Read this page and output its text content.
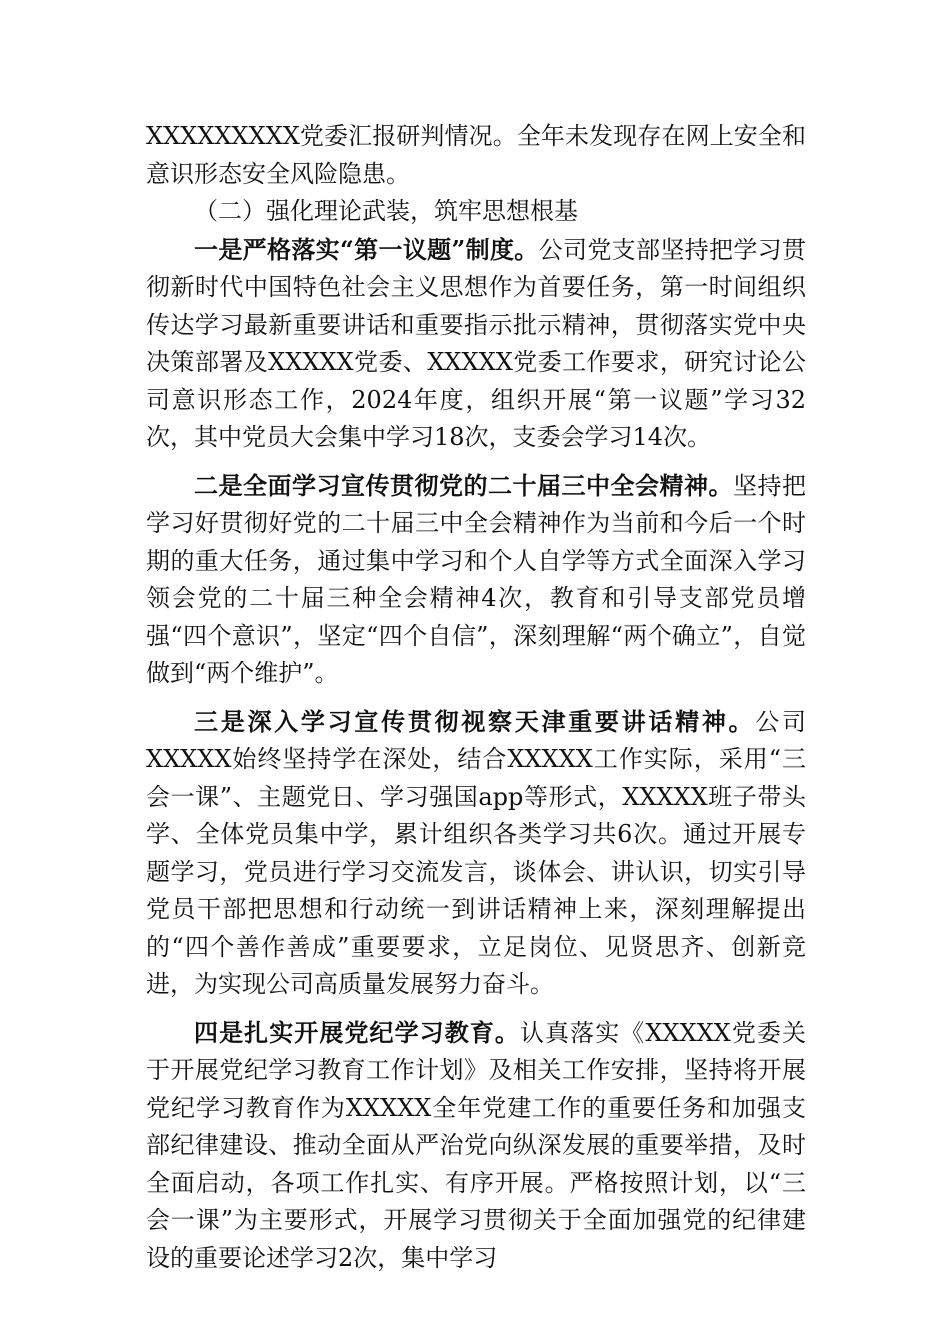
XXXXXXXXX党委汇报研判情况。全年未发现存在网上安全和意识形态安全风险隐患。

（二）强化理论武装，筑牢思想根基

一是严格落实“第一议题”制度。公司党支部坚持把学习贯彻新时代中国特色社会主义思想作为首要任务，第一时间组织传达学习最新重要讲话和重要指示批示精神，贯彻落实党中央决策部署及XXXXX党委、XXXXX党委工作要求，研究讨论公司意识形态工作，2024年度，组织开展“第一议题”学习32次，其中党员大会集中学习18次，支委会学习14次。

二是全面学习宣传贯彻党的二十届三中全会精神。坚持把学习好贯彻好党的二十届三中全会精神作为当前和今后一个时期的重大任务，通过集中学习和个人自学等方式全面深入学习领会党的二十届三种全会精神4次，教育和引导支部党员增强“四个意识”，坚定“四个自信”，深刻理解“两个确立”，自觉做到“两个维护”。

三是深入学习宣传贯彻视察天津重要讲话精神。公司XXXXX始终坚持学在深处，结合XXXXX工作实际，采用“三会一课”、主题党日、学习强国app等形式，XXXXX班子带头学、全体党员集中学，累计组织各类学习共6次。通过开展专题学习，党员进行学习交流发言，谈体会、讲认识，切实引导党员干部把思想和行动统一到讲话精神上来，深刻理解提出的“四个善作善成”重要要求，立足岗位、见贤思齐、创新竞进，为实现公司高质量发展努力奋斗。

四是扎实开展党纪学习教育。认真落实《XXXXX党委关于开展党纪学习教育工作计划》及相关工作安排，坚持将开展党纪学习教育作为XXXXX全年党建工作的重要任务和加强支部纪律建设、推动全面从严治党向纵深发展的重要举措，及时全面启动，各项工作扎实、有序开展。严格按照计划，以“三会一课”为主要形式，开展学习贯彻关于全面加强党的纪律建设的重要论述学习2次，集中学习
